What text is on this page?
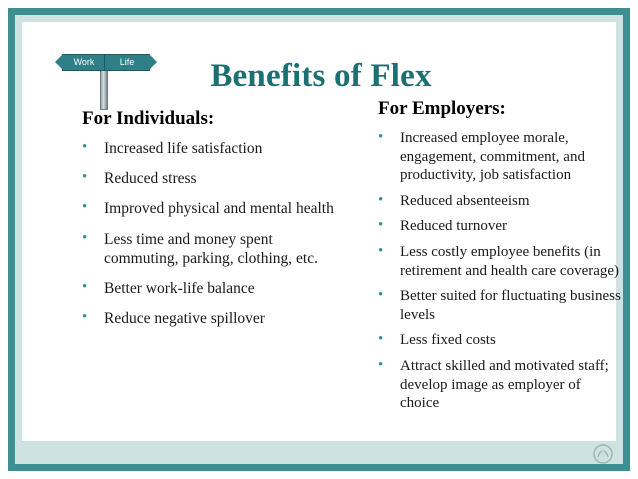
Work	Life	Benefits of Flex
For Individuals:
• Increased life satisfaction
• Reduced stress
• Improved physical and mental health
• Less time and money spent commuting, parking, clothing, etc.
• Better work-life balance
• Reduce negative spillover
For Employers:
• Increased employee morale, engagement, commitment, and productivity, job satisfaction
• Reduced absenteeism
• Reduced turnover
• Less costly employee benefits (in retirement and health care coverage)
• Better suited for fluctuating business levels
• Less fixed costs
• Attract skilled and motivated staff; develop image as employer of choice
